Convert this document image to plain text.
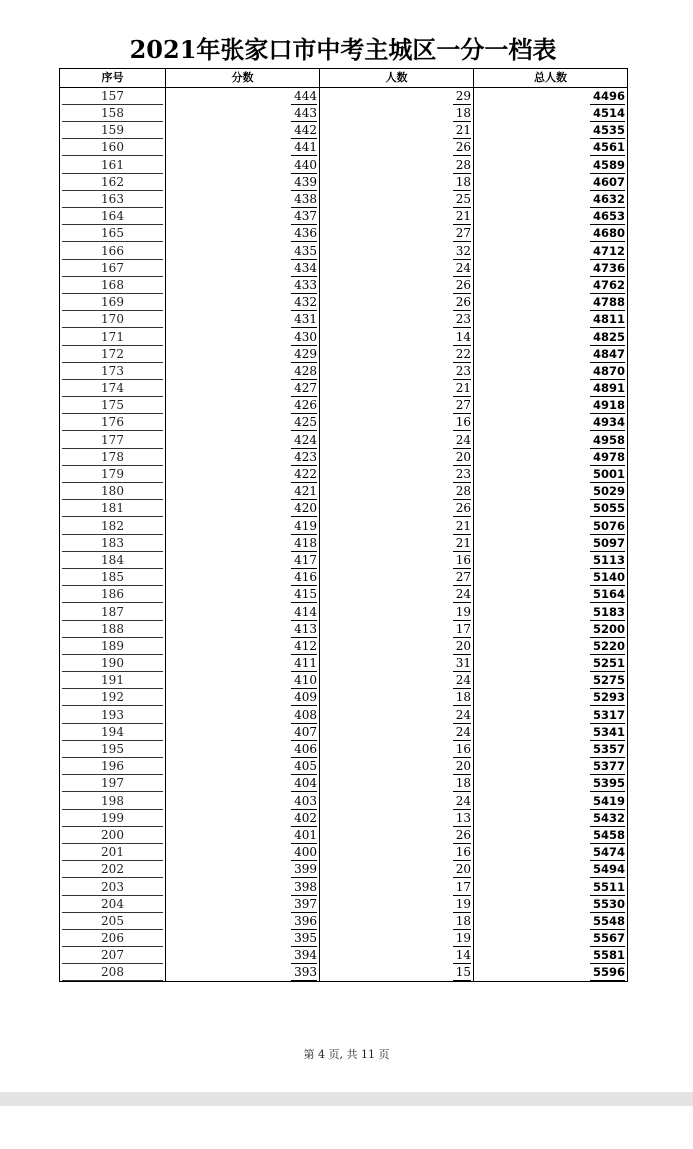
2021年张家口市中考主城区一分一档表
序号	分数	人数	总人数
157	444	29	4496
158	443	18	4514
159	442	21	4535
160	441	26	4561
161	440	28	4589
162	439	18	4607
163	438	25	4632
164	437	21	4653
165	436	27	4680
166	435	32	4712
167	434	24	4736
168	433	26	4762
169	432	26	4788
170	431	23	4811
171	430	14	4825
172	429	22	4847
173	428	23	4870
174	427	21	4891
175	426	27	4918
176	425	16	4934
177	424	24	4958
178	423	20	4978
179	422	23	5001
180	421	28	5029
181	420	26	5055
182	419	21	5076
183	418	21	5097
184	417	16	5113
185	416	27	5140
186	415	24	5164
187	414	19	5183
188	413	17	5200
189	412	20	5220
190	411	31	5251
191	410	24	5275
192	409	18	5293
193	408	24	5317
194	407	24	5341
195	406	16	5357
196	405	20	5377
197	404	18	5395
198	403	24	5419
199	402	13	5432
200	401	26	5458
201	400	16	5474
202	399	20	5494
203	398	17	5511
204	397	19	5530
205	396	18	5548
206	395	19	5567
207	394	14	5581
208	393	15	5596
第 4 页, 共 11 页
